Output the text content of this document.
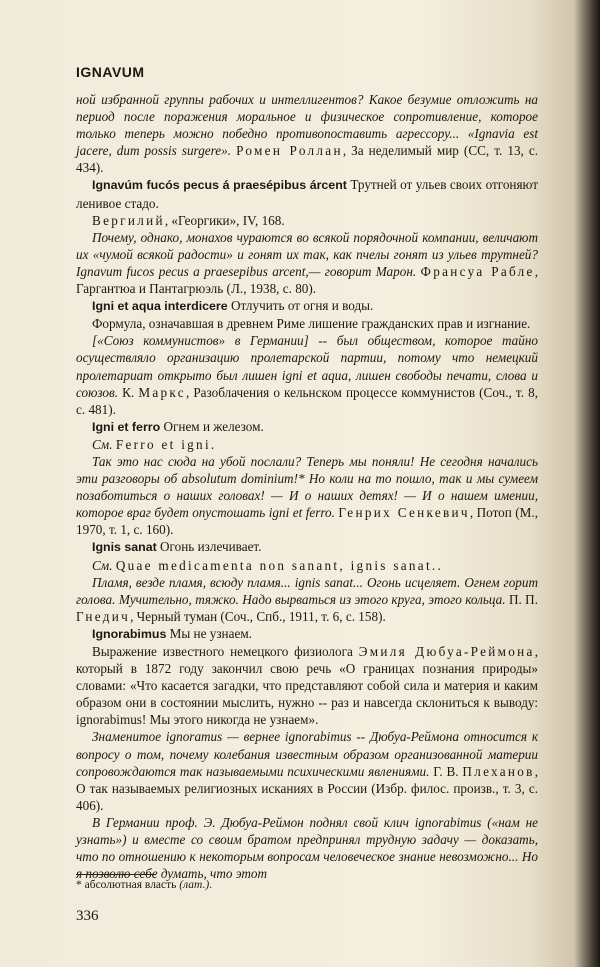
IGNAVUM

ной избранной группы рабочих и интеллигентов? Какое безумие отложить на период после поражения моральное и физическое сопротивление, которое только теперь можно победно противопоставить агрессору... «Ignavia est jacere, dum possis surgere». Ромен Роллан, За неделимый мир (СС, т. 13, с. 434).

Ignavúm fucós pecus á praesépibus árcent Трутней от ульев своих отгоняют ленивое стадо.

Вергилий, «Георгики», IV, 168.

Почему, однако, монахов чураются во всякой порядочной компании, величают их «чумой всякой радости» и гонят их так, как пчелы гонят из ульев трутней? Ignavum fucos pecus a praesepibus arcent,— говорит Марон. Франсуа Рабле, Гаргантюа и Пантагрюэль (Л., 1938, с. 80).

Igni et aqua interdicere Отлучить от огня и воды.

Формула, означавшая в древнем Риме лишение гражданских прав и изгнание.

[«Союз коммунистов» в Германии] -- был обществом, которое тайно осуществляло организацию пролетарской партии, потому что немецкий пролетариат открыто был лишен igni et aqua, лишен свободы печати, слова и союзов. К. Маркс, Разоблачения о кельнском процессе коммунистов (Соч., т. 8, с. 481).

Igni et ferro Огнем и железом.

См. Ferro et igni.

Так это нас сюда на убой послали? Теперь мы поняли! Не сегодня начались эти разговоры об absolutum dominium!* Но коли на то пошло, так и мы сумеем позаботиться о наших головах! — И о наших детях! — И о нашем имении, которое враг будет опустошать igni et ferro. Генрих Сенкевич, Потоп (М., 1970, т. 1, с. 160).

Ignis sanat Огонь излечивает.

См. Quae medicamenta non sanant, ignis sanat..

Пламя, везде пламя, всюду пламя... ignis sanat... Огонь исцеляет. Огнем горит голова. Мучительно, тяжко. Надо вырваться из этого круга, этого кольца. П. П. Гнедич, Черный туман (Соч., Спб., 1911, т. 6, с. 158).

Ignorabimus Мы не узнаем.

Выражение известного немецкого физиолога Эмиля Дюбуа-Реймона, который в 1872 году закончил свою речь «О границах познания природы» словами: «Что касается загадки, что представляют собой сила и материя и каким образом они в состоянии мыслить, нужно -- раз и навсегда склониться к выводу: ignorabimus! Мы этого никогда не узнаем».

Знаменитое ignoramus — вернее ignorabimus -- Дюбуа-Реймона относится к вопросу о том, почему колебания известным образом организованной материи сопровождаются так называемыми психическими явлениями. Г. В. Плеханов, О так называемых религиозных исканиях в России (Избр. филос. произв., т. 3, с. 406).

В Германии проф. Э. Дюбуа-Реймон поднял свой клич ignorabimus («нам не узнать») и вместе со своим братом предпринял трудную задачу — доказать, что по отношению к некоторым вопросам человеческое знание невозможно... Но я позволю себе думать, что этот

* абсолютная власть (лат.).
336
